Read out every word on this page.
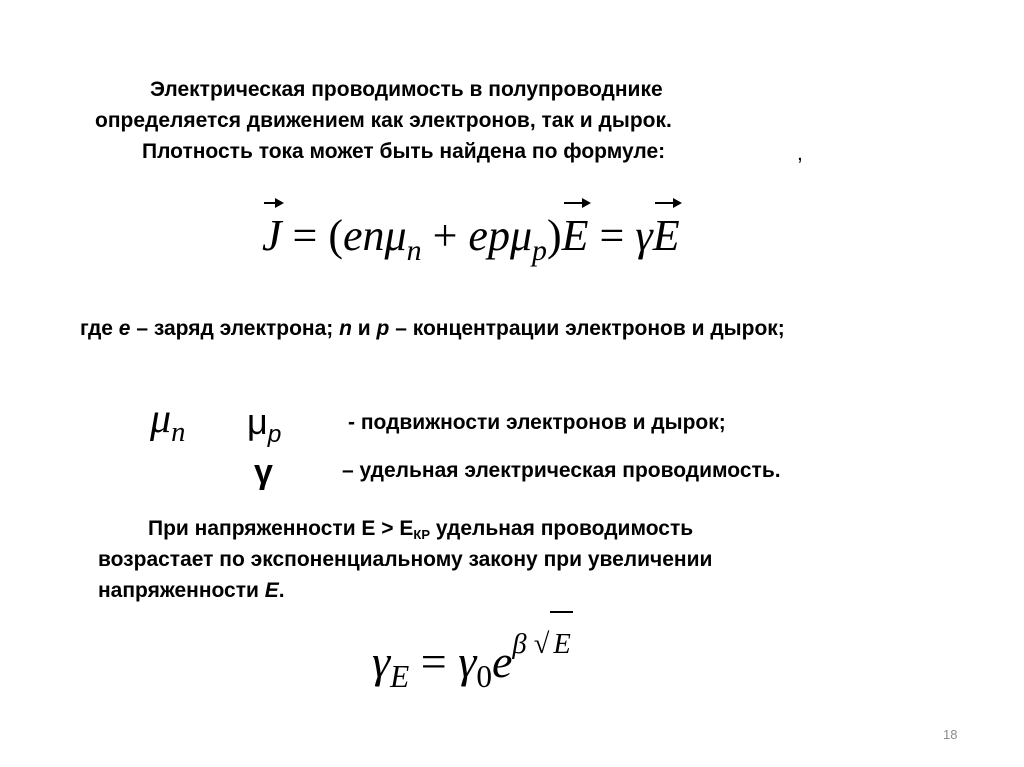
Электрическая проводимость в полупроводнике
определяется движением как электронов, так и дырок.
Плотность тока может быть найдена по формуле:	,
J = (enμ$_n$ + epμ$_p$)E = γE
где e – заряд электрона; n и p – концентрации электронов и дырок;
$\mu_n$ $\mu_p$	- подвижности электронов и дырок;
γ	– удельная электрическая проводимость.
При напряженности E > EКР удельная проводимость
возрастает по экспоненциальному закону при увеличении
напряженности E.
$\gamma_E = \gamma_0e^{\beta √ E}$
18
